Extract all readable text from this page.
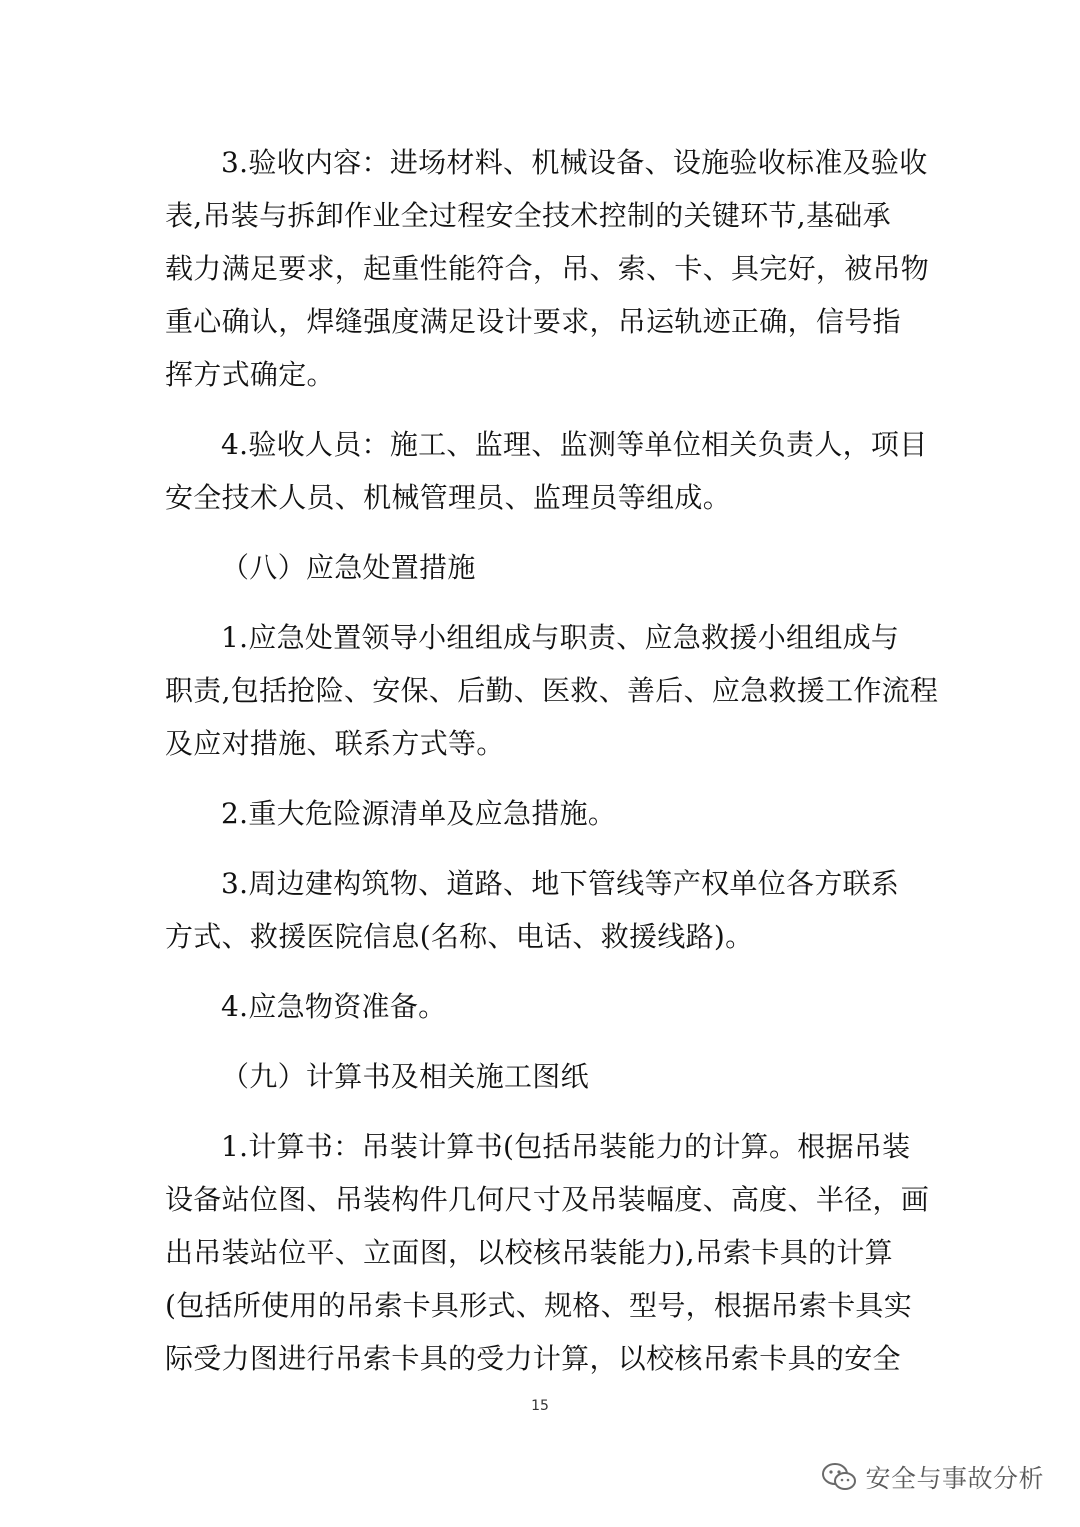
3.验收内容：进场材料、机械设备、设施验收标准及验收
表,吊装与拆卸作业全过程安全技术控制的关键环节,基础承
载力满足要求，起重性能符合，吊、索、卡、具完好，被吊物
重心确认，焊缝强度满足设计要求，吊运轨迹正确，信号指
挥方式确定。

4.验收人员：施工、监理、监测等单位相关负责人，项目
安全技术人员、机械管理员、监理员等组成。

（八）应急处置措施

1.应急处置领导小组组成与职责、应急救援小组组成与
职责,包括抢险、安保、后勤、医救、善后、应急救援工作流程
及应对措施、联系方式等。

2.重大危险源清单及应急措施。

3.周边建构筑物、道路、地下管线等产权单位各方联系
方式、救援医院信息(名称、电话、救援线路)。

4.应急物资准备。

（九）计算书及相关施工图纸

1.计算书：吊装计算书(包括吊装能力的计算。根据吊装
设备站位图、吊装构件几何尺寸及吊装幅度、高度、半径，画
出吊装站位平、立面图，以校核吊装能力),吊索卡具的计算
(包括所使用的吊索卡具形式、规格、型号，根据吊索卡具实
际受力图进行吊索卡具的受力计算，以校核吊索卡具的安全

15
安全与事故分析
